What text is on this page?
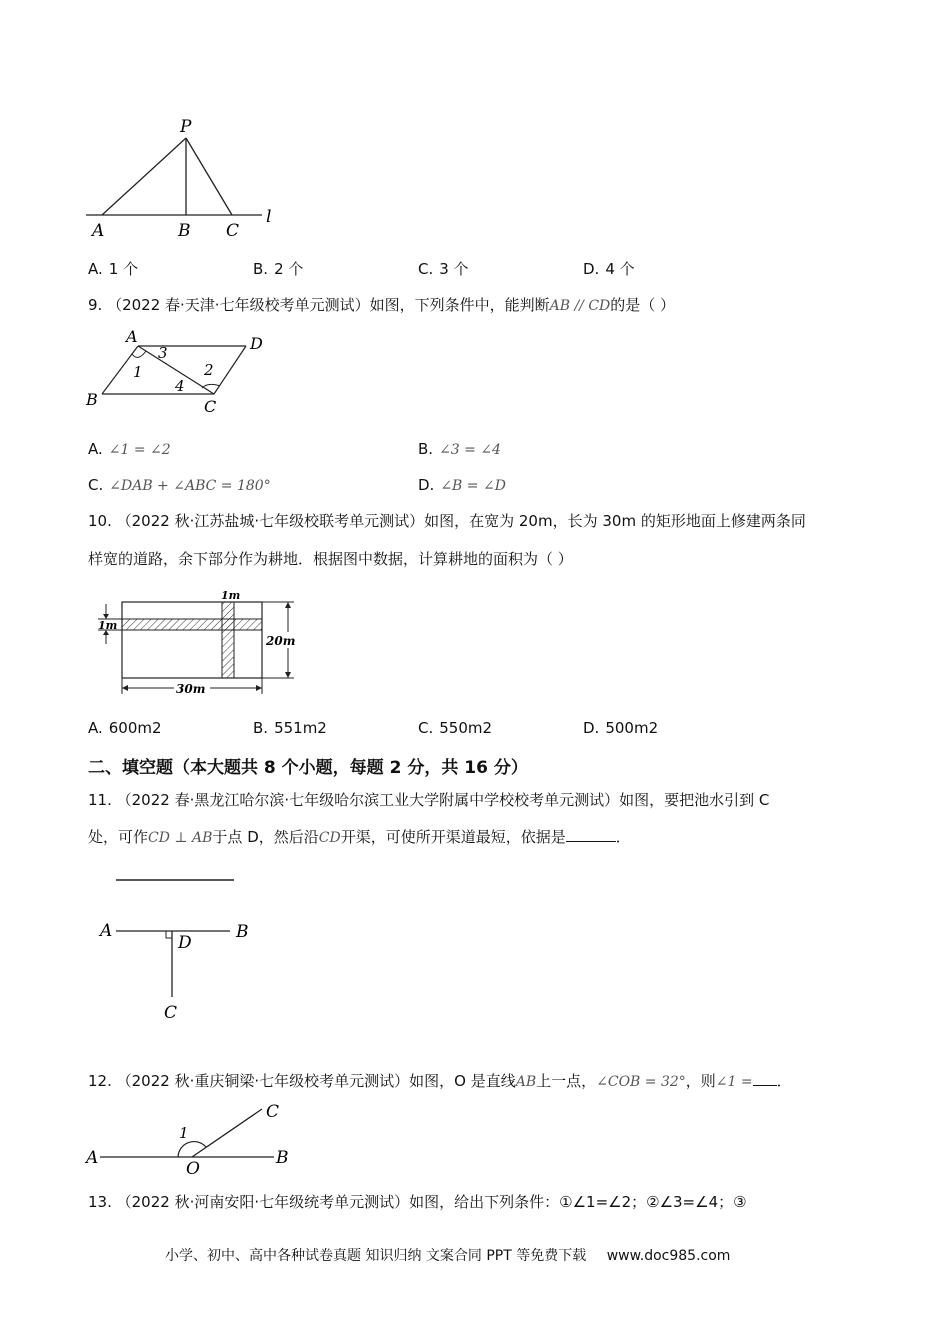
P
A	B C
l
A. 1 个	B. 2 个	C. 3 个	D. 4 个
9. （2022 春·天津·七年级校考单元测试）如图，下列条件中，能判断AB // CD的是（ ）
A	D
B	C
1	2
3
4
A. ∠1 = ∠2	B. ∠3 = ∠4
C. ∠DAB + ∠ABC = 180°	D. ∠B = ∠D
10. （2022 秋·江苏盐城·七年级校联考单元测试）如图，在宽为 20m，长为 30m 的矩形地面上修建两条同
样宽的道路，余下部分作为耕地．根据图中数据，计算耕地的面积为（ ）
1m
1m
20m
30m
A. 600m2	B. 551m2	C. 550m2	D. 500m2
二、填空题（本大题共 8 个小题，每题 2 分，共 16 分）
11. （2022 春·黑龙江哈尔滨·七年级哈尔滨工业大学附属中学校校考单元测试）如图，要把池水引到 C
处，可作CD ⊥ AB于点 D，然后沿CD开渠，可使所开渠道最短，依据是	．
A	B
D
C
12. （2022 秋·重庆铜梁·七年级校考单元测试）如图，O 是直线AB上一点，∠COB = 32°，则∠1 = ．
A	B
C
O
1
13. （2022 秋·河南安阳·七年级统考单元测试）如图，给出下列条件：①∠1=∠2；②∠3=∠4；③
小学、初中、高中各种试卷真题 知识归纳 文案合同 PPT 等免费下载 www.doc985.com
